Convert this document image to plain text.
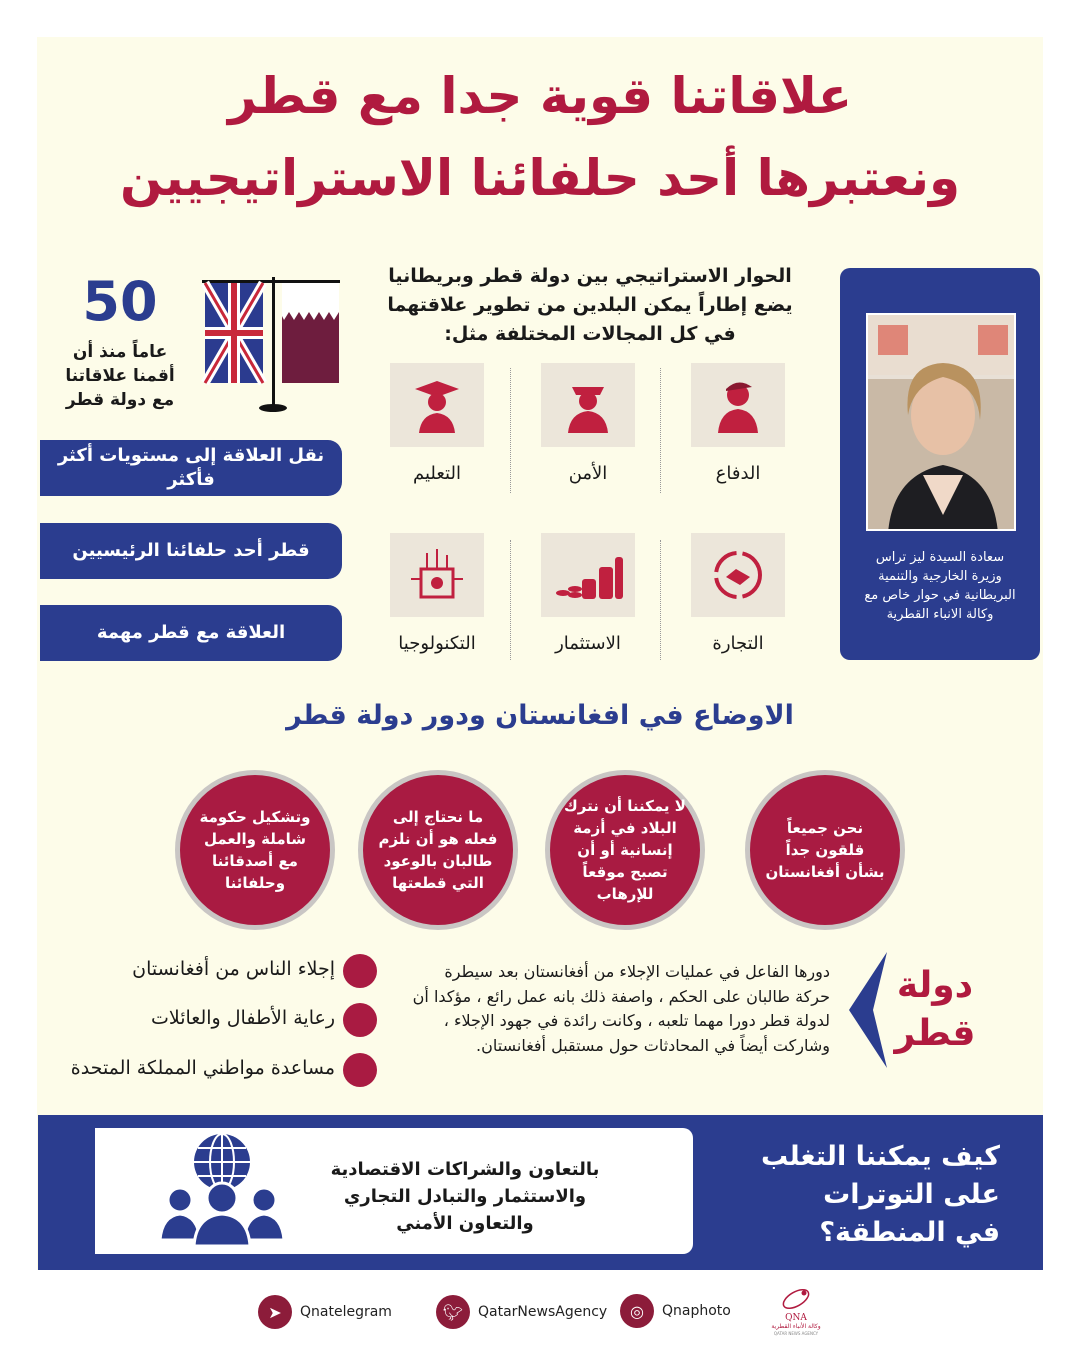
علاقاتنا قوية جدا مع قطر
ونعتبرها أحد حلفائنا الاستراتيجيين
الحوار الاستراتيجي بين دولة قطر وبريطانيا
يضع إطاراً يمكن البلدين من تطوير علاقتهما
في كل المجالات المختلفة مثل:
سعادة السيدة ليز تراس
وزيرة الخارجية والتنمية
البريطانية في حوار خاص مع
وكالة الانباء القطرية
50
عاماً منذ أن
أقمنا علاقاتنا
مع دولة قطر
نقل العلاقة إلى مستويات أكثر فأكثر
قطر أحد حلفائنا الرئيسيين
العلاقة مع قطر مهمة
الدفاع
الأمن
التعليم
التجارة
الاستثمار
التكنولوجيا
الاوضاع في افغانستان ودور دولة قطر
نحن جميعاً قلقون جداً بشأن أفغانستان
لا يمكننا أن نترك البلاد في أزمة إنسانية أو أن تصبح موقعاً للإرهاب
ما نحتاج إلى فعله هو أن نلزم طالبان بالوعود التي قطعتها
وتشكيل حكومة شاملة والعمل مع أصدقائنا وحلفائنا
دولة
قطر
دورها الفاعل في عمليات الإجلاء من أفغانستان بعد سيطرة حركة طالبان على الحكم ، واصفة ذلك بانه عمل رائع ، مؤكدا أن لدولة قطر دورا مهما تلعبه ، وكانت رائدة في جهود الإجلاء ، وشاركت أيضاً في المحادثات حول مستقبل أفغانستان.
إجلاء الناس من أفغانستان
رعاية الأطفال والعائلات
مساعدة مواطني المملكة المتحدة
كيف يمكننا التغلب
على التوترات
في المنطقة؟
بالتعاون والشراكات الاقتصادية
والاستثمار والتبادل التجاري
والتعاون الأمني
➤	Qnatelegram	🐦︎	QatarNewsAgency	◎	Qnaphoto	QNA
وكالة الأنباء القطرية
QATAR NEWS AGENCY
